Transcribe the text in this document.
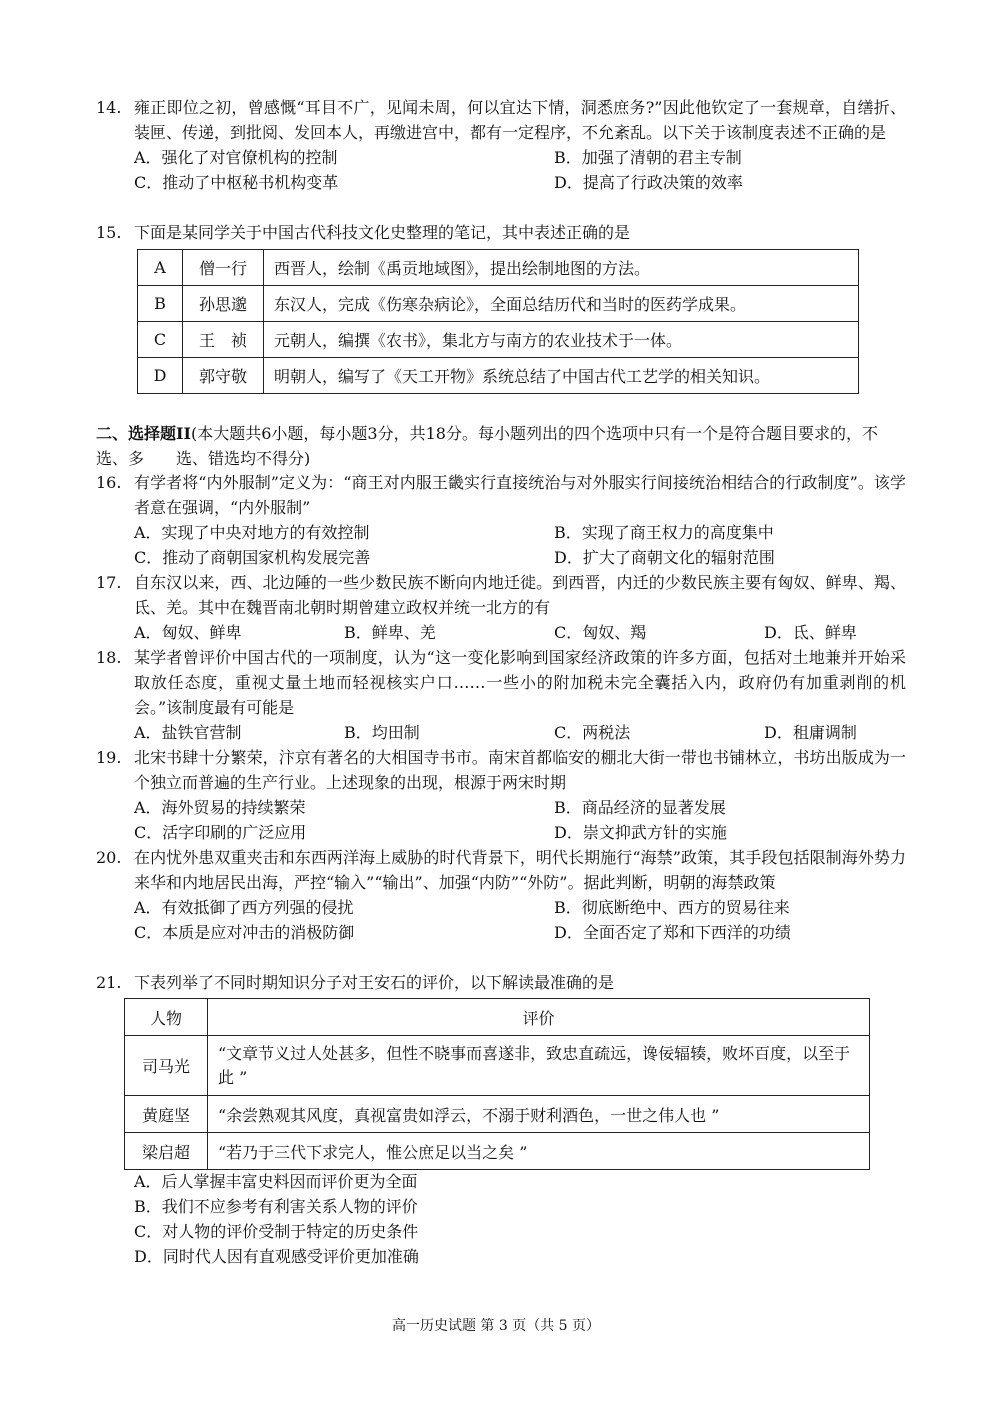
14. 雍正即位之初，曾感慨“耳目不广，见闻未周，何以宜达下情，洞悉庶务?”因此他钦定了一套规章，自缮折、装匣、传递，到批阅、发回本人，再缴进宫中，都有一定程序，不允紊乱。以下关于该制度表述不正确的是
A．强化了对官僚机构的控制	B．加强了清朝的君主专制
C．推动了中枢秘书机构变革	D．提高了行政决策的效率
15. 下面是某同学关于中国古代科技文化史整理的笔记，其中表述正确的是
A	僧一行	西晋人，绘制《禹贡地域图》，提出绘制地图的方法。
B	孙思邈	东汉人，完成《伤寒杂病论》，全面总结历代和当时的医药学成果。
C	王　祯	元朝人，编撰《农书》，集北方与南方的农业技术于一体。
D	郭守敬	明朝人，编写了《天工开物》系统总结了中国古代工艺学的相关知识。
二、选择题II(本大题共6小题，每小题3分，共18分。每小题列出的四个选项中只有一个是符合题目要求的，不选、多　　选、错选均不得分)
16. 有学者将“内外服制”定义为：“商王对内服王畿实行直接统治与对外服实行间接统治相结合的行政制度”。该学者意在强调，“内外服制”
A．实现了中央对地方的有效控制	B．实现了商王权力的高度集中
C．推动了商朝国家机构发展完善	D．扩大了商朝文化的辐射范围
17. 自东汉以来，西、北边陲的一些少数民族不断向内地迁徙。到西晋，内迁的少数民族主要有匈奴、鲜卑、羯、氐、羌。其中在魏晋南北朝时期曾建立政权并统一北方的有
A．匈奴、鲜卑	B．鲜卑、羌	C．匈奴、羯	D．氐、鲜卑
18. 某学者曾评价中国古代的一项制度，认为“这一变化影响到国家经济政策的许多方面，包括对土地兼并开始采取放任态度，重视丈量土地而轻视核实户口……一些小的附加税未完全囊括入内，政府仍有加重剥削的机会。”该制度最有可能是
A．盐铁官营制	B．均田制	C．两税法	D．租庸调制
19. 北宋书肆十分繁荣，汴京有著名的大相国寺书市。南宋首都临安的棚北大街一带也书铺林立，书坊出版成为一个独立而普遍的生产行业。上述现象的出现，根源于两宋时期
A．海外贸易的持续繁荣	B．商品经济的显著发展
C．活字印刷的广泛应用	D．崇文抑武方针的实施
20. 在内忧外患双重夹击和东西两洋海上威胁的时代背景下，明代长期施行“海禁”政策，其手段包括限制海外势力来华和内地居民出海，严控“输入”“输出”、加强“内防”“外防”。据此判断，明朝的海禁政策
A．有效抵御了西方列强的侵扰	B．彻底断绝中、西方的贸易往来
C．本质是应对冲击的消极防御	D．全面否定了郑和下西洋的功绩
21. 下表列举了不同时期知识分子对王安石的评价，以下解读最准确的是
人物	评价
司马光	“文章节义过人处甚多，但性不晓事而喜遂非，致忠直疏远，谗佞辐辏，败坏百度，以至于此 ”
黄庭坚	“余尝熟观其风度，真视富贵如浮云，不溺于财利酒色，一世之伟人也 ”
梁启超	“若乃于三代下求完人，惟公庶足以当之矣 ”
A．后人掌握丰富史料因而评价更为全面
B．我们不应参考有利害关系人物的评价
C．对人物的评价受制于特定的历史条件
D．同时代人因有直观感受评价更加准确
高一历史试题 第 3 页（共 5 页）
